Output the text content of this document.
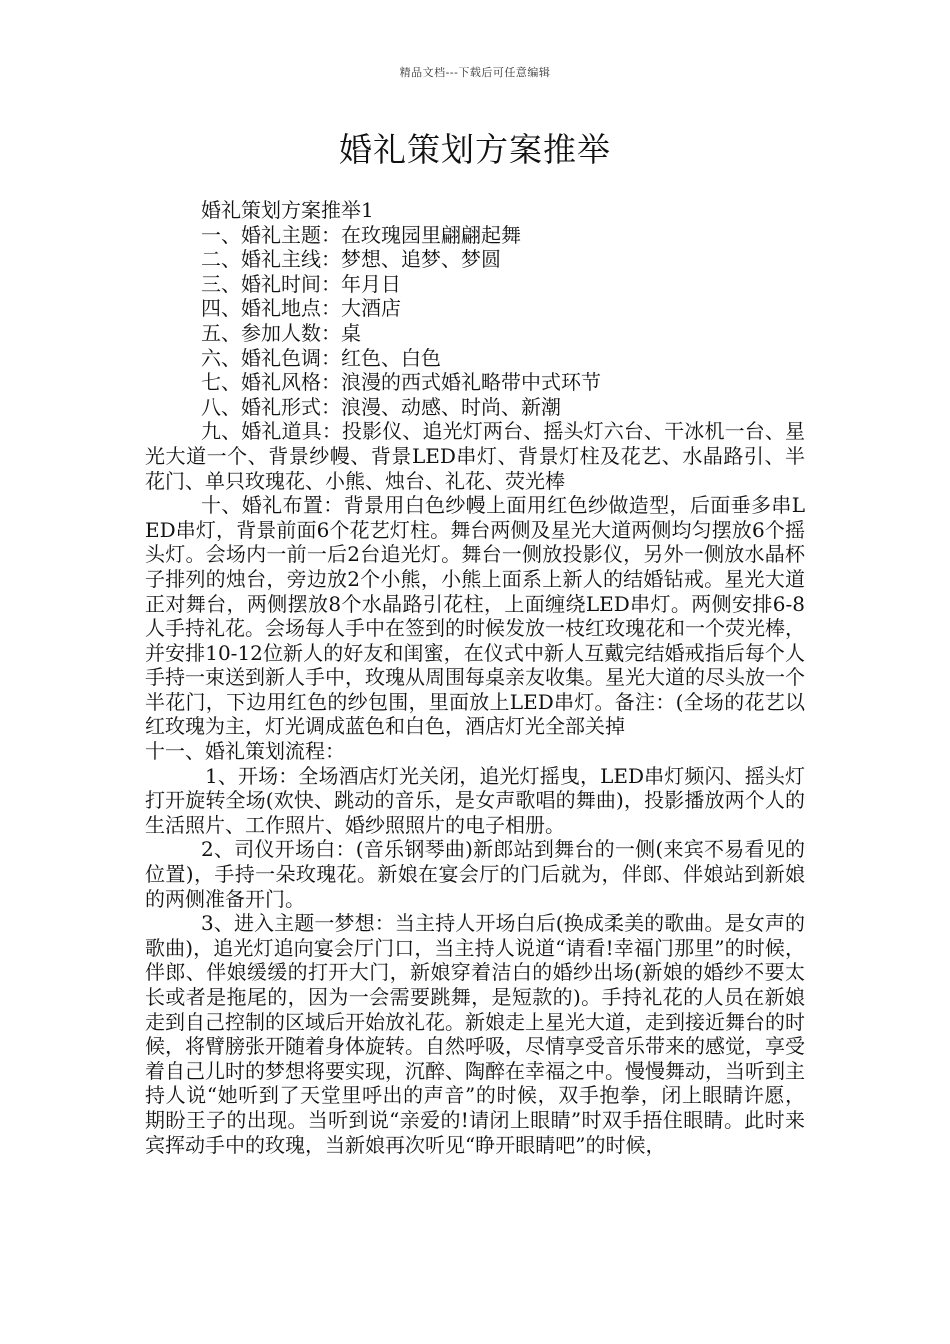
精品文档---下载后可任意编辑
婚礼策划方案推举

婚礼策划方案推举1

一、婚礼主题：在玫瑰园里翩翩起舞

二、婚礼主线：梦想、追梦、梦圆

三、婚礼时间：年月日

四、婚礼地点：大酒店

五、参加人数：桌

六、婚礼色调：红色、白色

七、婚礼风格：浪漫的西式婚礼略带中式环节

八、婚礼形式：浪漫、动感、时尚、新潮

九、婚礼道具：投影仪、追光灯两台、摇头灯六台、干冰机一台、星光大道一个、背景纱幔、背景LED串灯、背景灯柱及花艺、水晶路引、半花门、单只玫瑰花、小熊、烛台、礼花、荧光棒

十、婚礼布置：背景用白色纱幔上面用红色纱做造型，后面垂多串LED串灯，背景前面6个花艺灯柱。舞台两侧及星光大道两侧均匀摆放6个摇头灯。会场内一前一后2台追光灯。舞台一侧放投影仪，另外一侧放水晶杯子排列的烛台，旁边放2个小熊，小熊上面系上新人的结婚钻戒。星光大道正对舞台，两侧摆放8个水晶路引花柱，上面缠绕LED串灯。两侧安排6-8人手持礼花。会场每人手中在签到的时候发放一枝红玫瑰花和一个荧光棒，并安排10-12位新人的好友和闺蜜，在仪式中新人互戴完结婚戒指后每个人手持一束送到新人手中，玫瑰从周围每桌亲友收集。星光大道的尽头放一个半花门，下边用红色的纱包围，里面放上LED串灯。备注：(全场的花艺以红玫瑰为主，灯光调成蓝色和白色，酒店灯光全部关掉

十一、婚礼策划流程：

1、开场：全场酒店灯光关闭，追光灯摇曳，LED串灯频闪、摇头灯打开旋转全场(欢快、跳动的音乐，是女声歌唱的舞曲)，投影播放两个人的生活照片、工作照片、婚纱照照片的电子相册。

2、司仪开场白：(音乐钢琴曲)新郎站到舞台的一侧(来宾不易看见的位置)，手持一朵玫瑰花。新娘在宴会厅的门后就为，伴郎、伴娘站到新娘的两侧准备开门。

3、进入主题一梦想：当主持人开场白后(换成柔美的歌曲。是女声的歌曲)，追光灯追向宴会厅门口，当主持人说道“请看!幸福门那里”的时候，伴郎、伴娘缓缓的打开大门，新娘穿着洁白的婚纱出场(新娘的婚纱不要太长或者是拖尾的，因为一会需要跳舞，是短款的)。手持礼花的人员在新娘走到自己控制的区域后开始放礼花。新娘走上星光大道，走到接近舞台的时候，将臂膀张开随着身体旋转。自然呼吸，尽情享受音乐带来的感觉，享受着自己儿时的梦想将要实现，沉醉、陶醉在幸福之中。慢慢舞动，当听到主持人说“她听到了天堂里呼出的声音”的时候，双手抱拳，闭上眼睛许愿，期盼王子的出现。当听到说“亲爱的!请闭上眼睛”时双手捂住眼睛。此时来宾挥动手中的玫瑰，当新娘再次听见“睁开眼睛吧”的时候，
